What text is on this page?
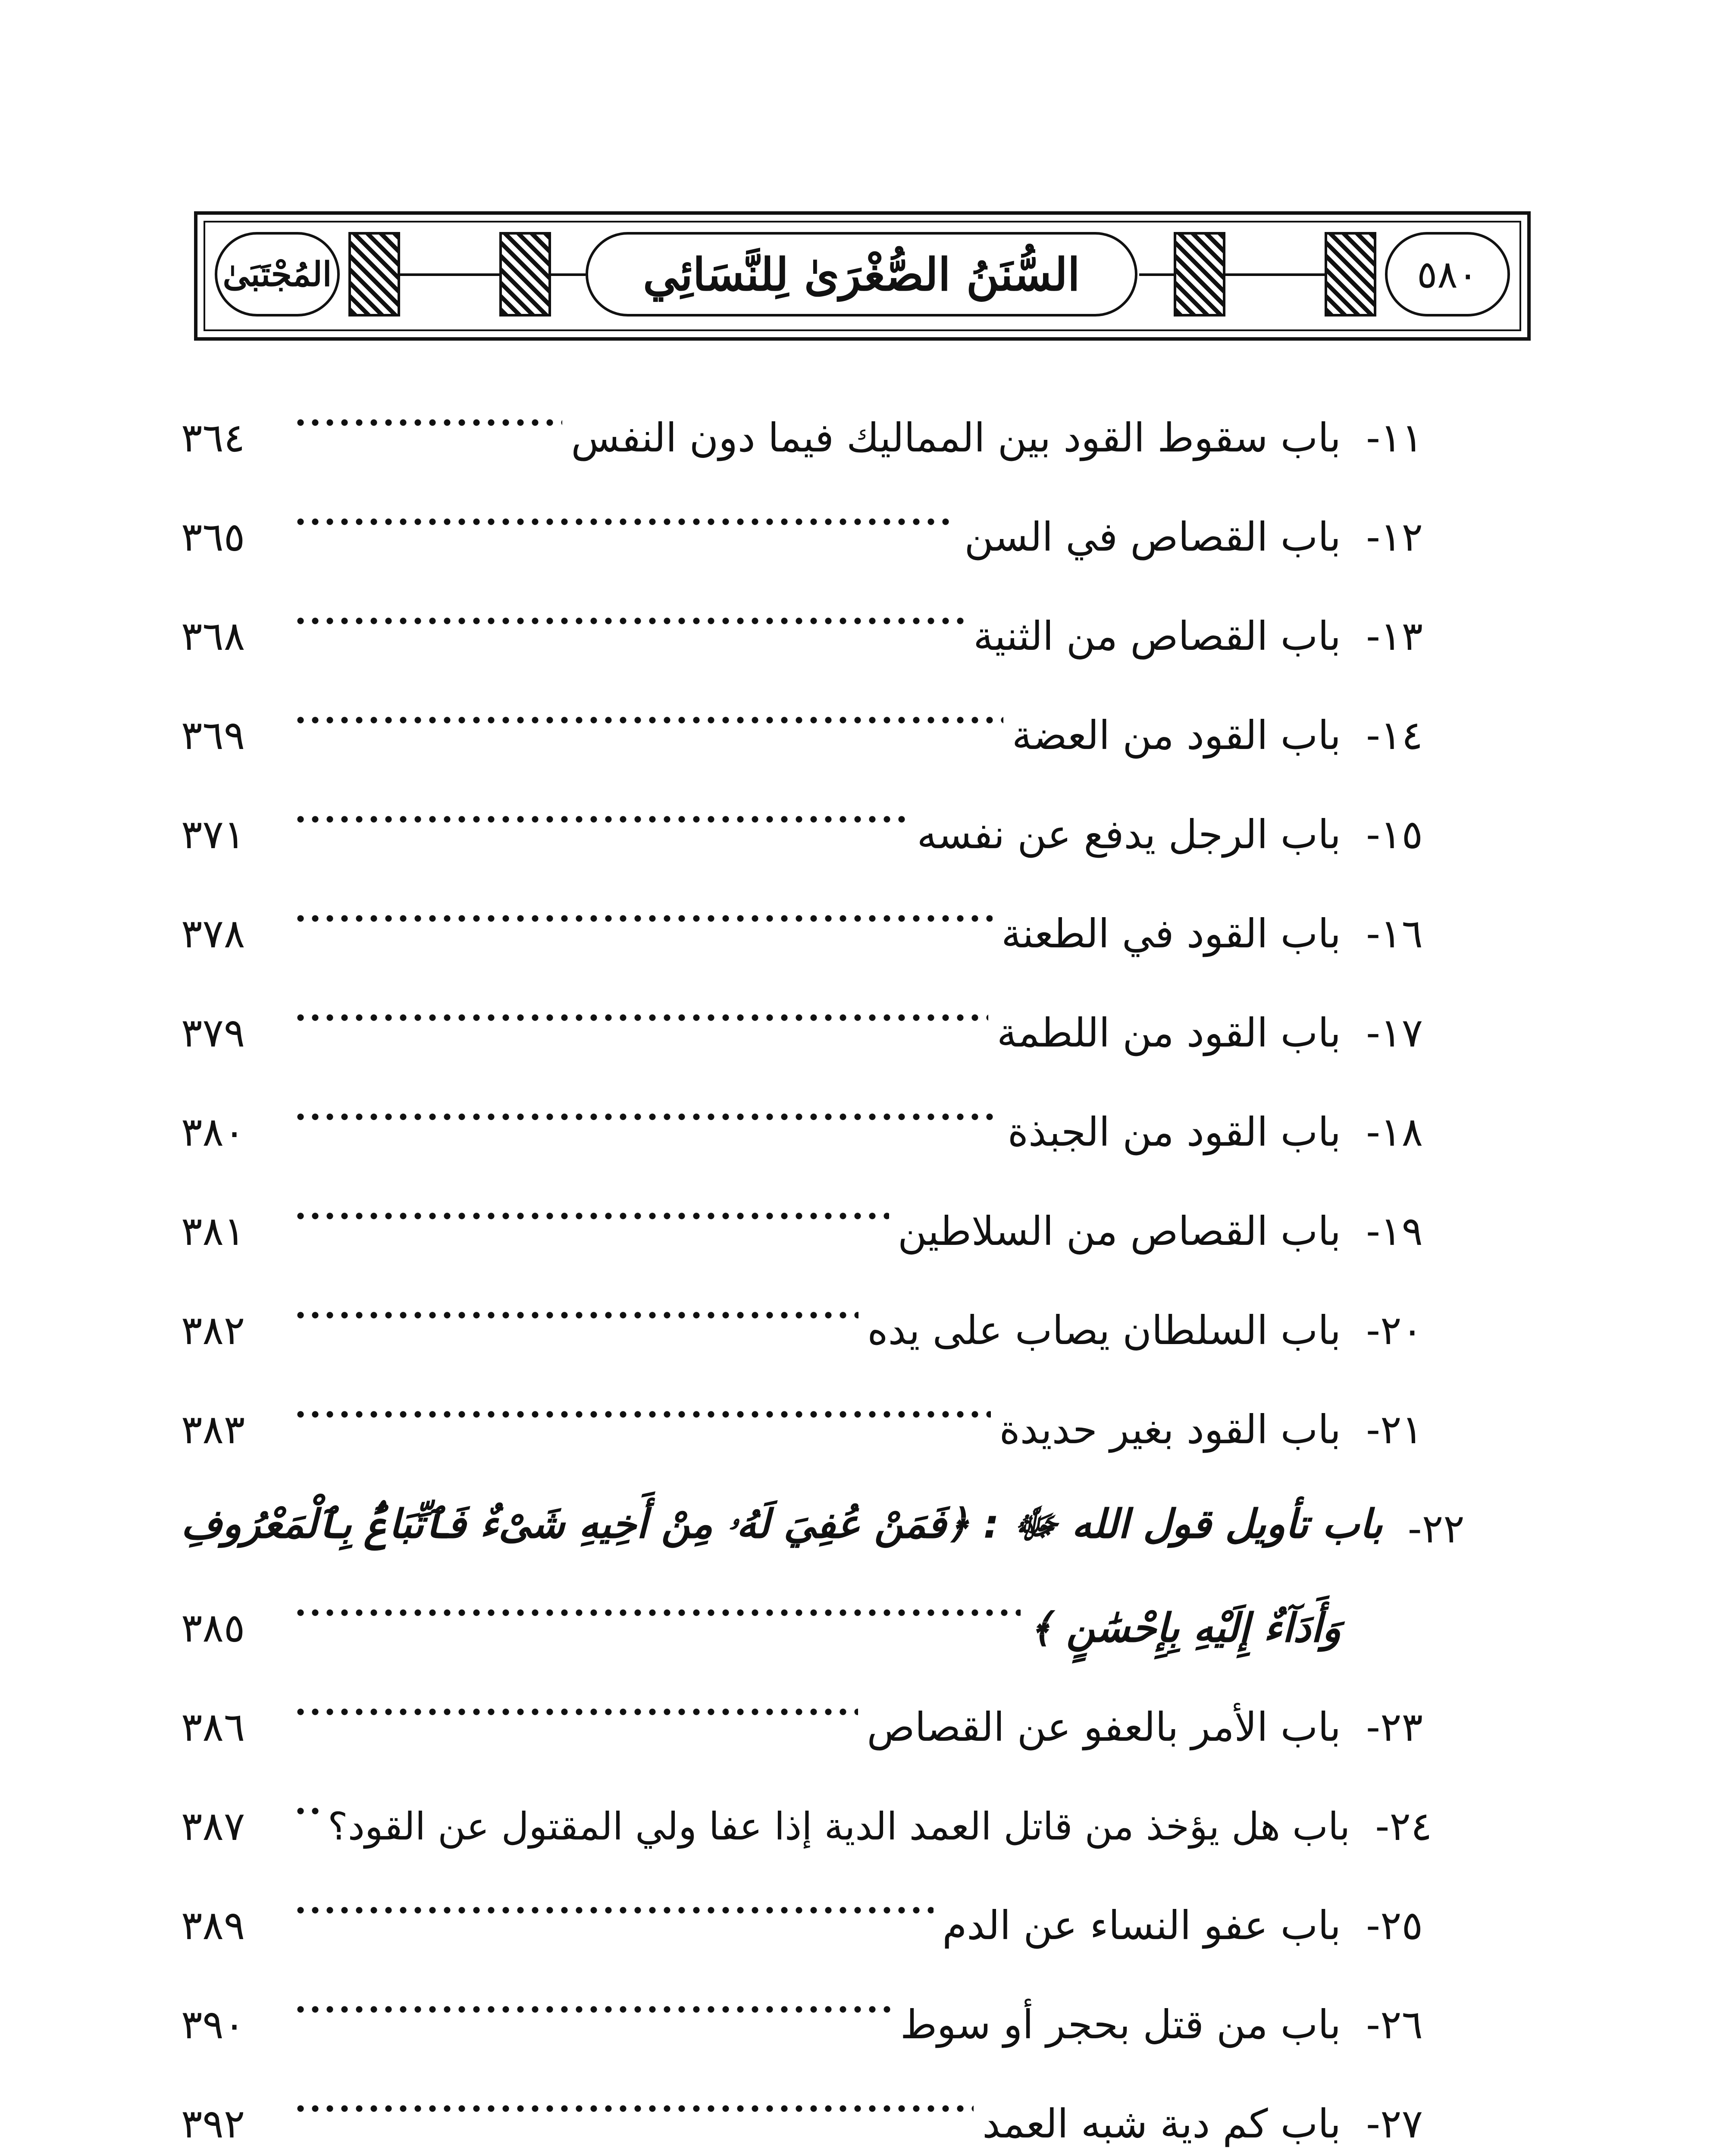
المُجْتَبَىٰ	السُّنَنُ الصُّغْرَىٰ لِلنَّسَائِي	٥٨٠
٣٦٤	باب سقوط القود بين المماليك فيما دون النفس ١١-
٣٦٥	باب القصاص في السن ١٢-
٣٦٨	باب القصاص من الثنية ١٣-
٣٦٩	باب القود من العضة ١٤-
٣٧١	باب الرجل يدفع عن نفسه ١٥-
٣٧٨	باب القود في الطعنة ١٦-
٣٧٩	باب القود من اللطمة ١٧-
٣٨٠	باب القود من الجبذة ١٨-
٣٨١	باب القصاص من السلاطين ١٩-
٣٨٢	باب السلطان يصاب على يده ٢٠-
٣٨٣	باب القود بغير حديدة ٢١-
باب تأويل قول الله ﷻ : ﴿فَمَنْ عُفِيَ لَهُۥ مِنْ أَخِيهِ شَىْءٌ فَٱتِّبَاعٌۢ بِٱلْمَعْرُوفِ ٢٢-
٣٨٥	وَأَدَآءٌ إِلَيْهِ بِإِحْسَٰنٍ ﴾
٣٨٦	باب الأمر بالعفو عن القصاص ٢٣-
٣٨٧	باب هل يؤخذ من قاتل العمد الدية إذا عفا ولي المقتول عن القود؟ ٢٤-
٣٨٩	باب عفو النساء عن الدم ٢٥-
٣٩٠	باب من قتل بحجر أو سوط ٢٦-
٣٩٢	باب كم دية شبه العمد ٢٧-
